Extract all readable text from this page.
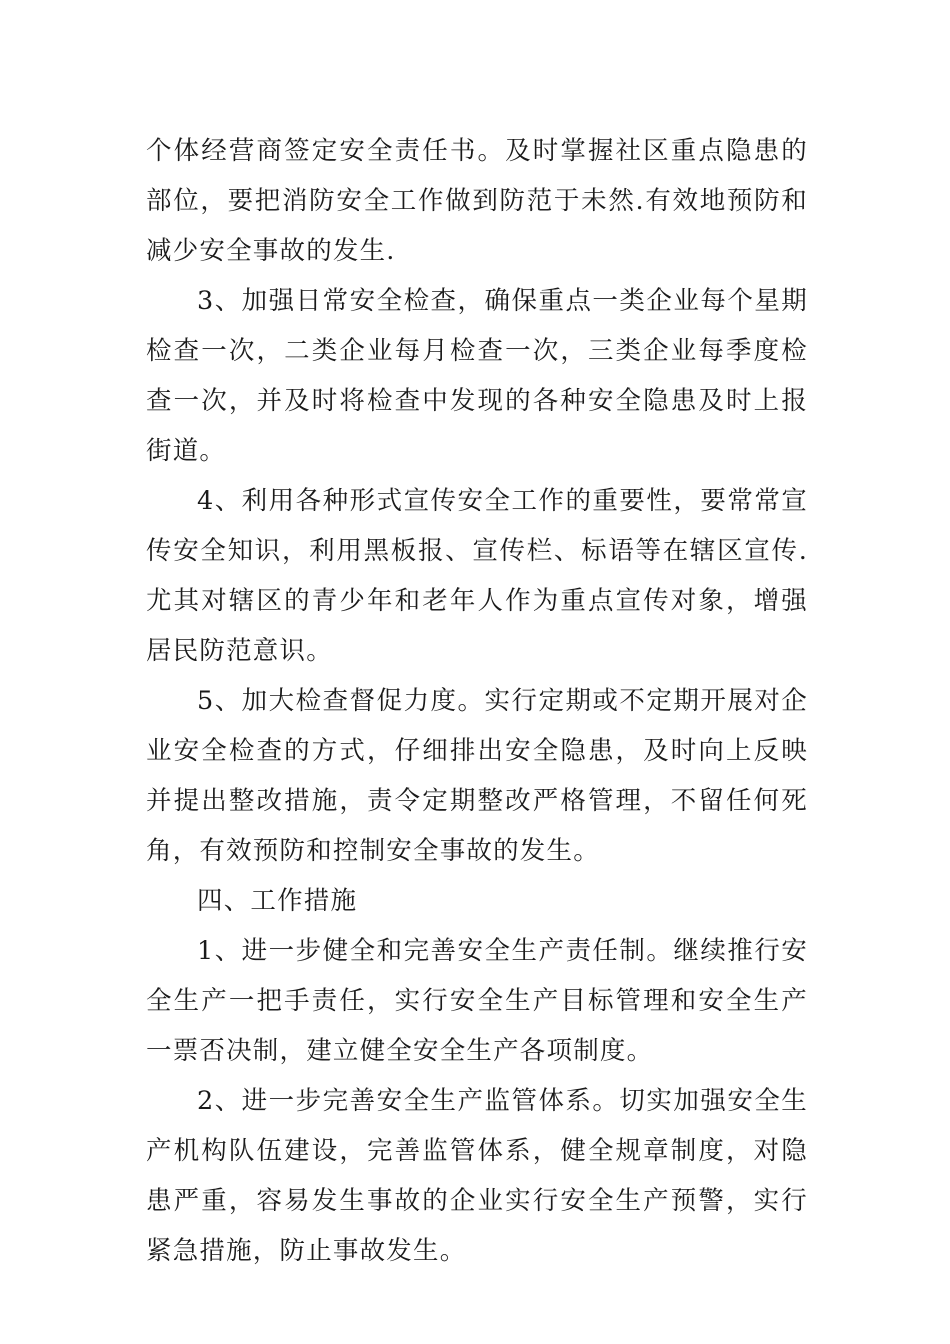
个体经营商签定安全责任书。及时掌握社区重点隐患的部位，要把消防安全工作做到防范于未然.有效地预防和减少安全事故的发生.

3、加强日常安全检查，确保重点一类企业每个星期检查一次，二类企业每月检查一次，三类企业每季度检查一次，并及时将检查中发现的各种安全隐患及时上报街道。

4、利用各种形式宣传安全工作的重要性，要常常宣传安全知识，利用黑板报、宣传栏、标语等在辖区宣传.尤其对辖区的青少年和老年人作为重点宣传对象，增强居民防范意识。

5、加大检查督促力度。实行定期或不定期开展对企业安全检查的方式，仔细排出安全隐患，及时向上反映并提出整改措施，责令定期整改严格管理，不留任何死角，有效预防和控制安全事故的发生。

四、工作措施

1、进一步健全和完善安全生产责任制。继续推行安全生产一把手责任，实行安全生产目标管理和安全生产一票否决制，建立健全安全生产各项制度。

2、进一步完善安全生产监管体系。切实加强安全生产机构队伍建设，完善监管体系，健全规章制度，对隐患严重，容易发生事故的企业实行安全生产预警，实行紧急措施，防止事故发生。
